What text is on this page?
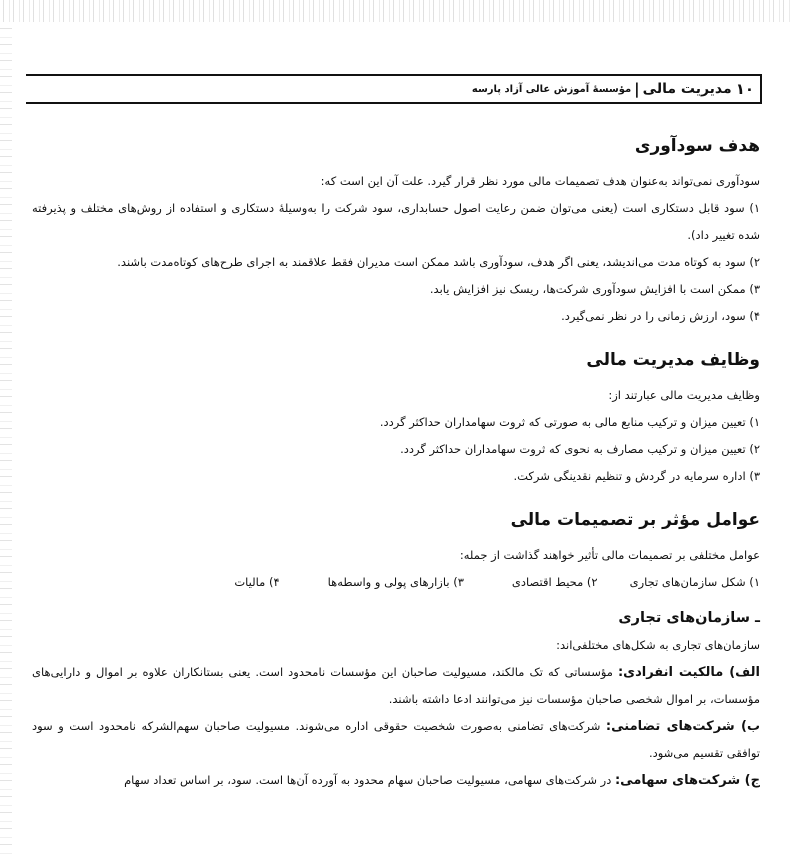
۱۰
مدیریت مالی
|
مؤسسهٔ آموزش عالی آزاد پارسه
هدف سودآوری

سودآوری نمی‌تواند به‌عنوان هدف تصمیمات مالی مورد نظر قرار گیرد. علت آن این است که:

۱) سود قابل دستکاری است (یعنی می‌توان ضمن رعایت اصول حسابداری، سود شرکت را به‌وسیلهٔ دستکاری و استفاده از روش‌های مختلف و پذیرفته شده تغییر داد).

۲) سود به کوتاه مدت می‌اندیشد، یعنی اگر هدف، سودآوری باشد ممکن است مدیران فقط علاقمند به اجرای طرح‌های کوتاه‌مدت باشند.

۳) ممکن است با افزایش سودآوری شرکت‌ها، ریسک نیز افزایش یابد.

۴) سود، ارزش زمانی را در نظر نمی‌گیرد.

وظایف مدیریت مالی

وظایف مدیریت مالی عبارتند از:

۱) تعیین میزان و ترکیب منابع مالی به صورتی که ثروت سهامداران حداکثر گردد.

۲) تعیین میزان و ترکیب مصارف به نحوی که ثروت سهامداران حداکثر گردد.

۳) اداره سرمایه در گردش و تنظیم نقدینگی شرکت.

عوامل مؤثر بر تصمیمات مالی

عوامل مختلفی بر تصمیمات مالی تأثیر خواهند گذاشت از جمله:

۱) شکل سازمان‌های تجاری
۲) محیط اقتصادی
۳) بازارهای پولی و واسطه‌ها
۴) مالیات
ـ سازمان‌های تجاری

سازمان‌های تجاری به شکل‌های مختلفی‌اند:

الف) مالکیت انفرادی: مؤسساتی که تک مالکند، مسیولیت صاحبان این مؤسسات نامحدود است. یعنی بستانکاران علاوه بر اموال و دارایی‌های مؤسسات، بر اموال شخصی صاحبان مؤسسات نیز می‌توانند ادعا داشته باشند.

ب) شرکت‌های تضامنی: شرکت‌های تضامنی به‌صورت شخصیت حقوقی اداره می‌شوند. مسیولیت صاحبان سهم‌الشرکه نامحدود است و سود توافقی تقسیم می‌شود.

ج) شرکت‌های سهامی: در شرکت‌های سهامی، مسیولیت صاحبان سهام محدود به آورده آن‌ها است. سود، بر اساس تعداد سهام
